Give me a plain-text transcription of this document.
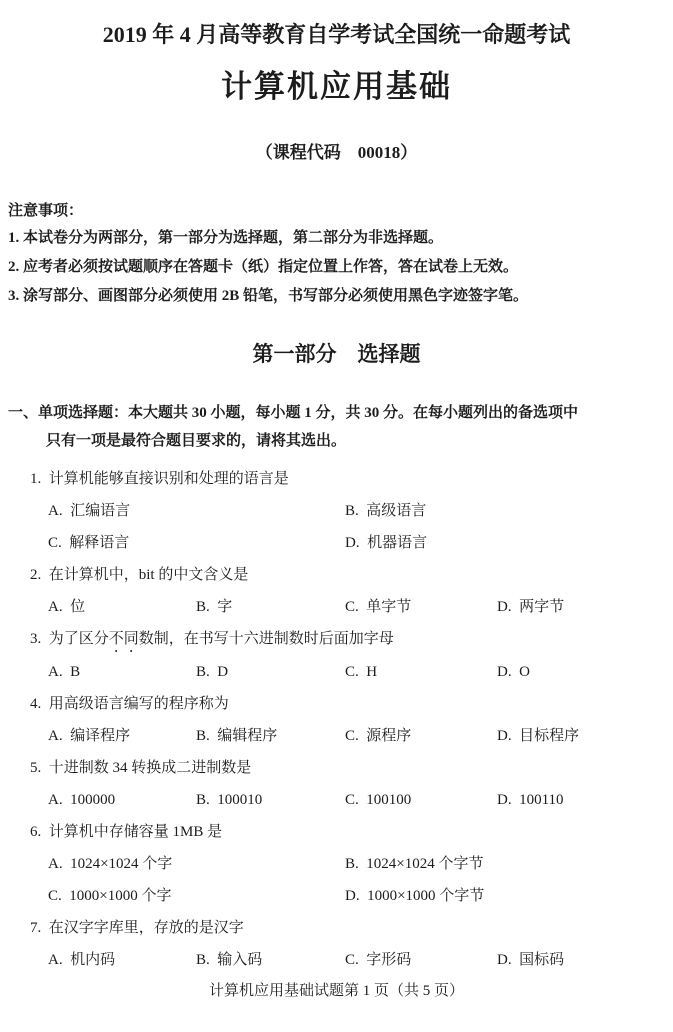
2019 年 4 月高等教育自学考试全国统一命题考试
计算机应用基础
（课程代码　00018）
注意事项：
1. 本试卷分为两部分，第一部分为选择题，第二部分为非选择题。
2. 应考者必须按试题顺序在答题卡（纸）指定位置上作答，答在试卷上无效。
3. 涂写部分、画图部分必须使用 2B 铅笔，书写部分必须使用黑色字迹签字笔。
第一部分　选择题
一、单项选择题：本大题共 30 小题，每小题 1 分，共 30 分。在每小题列出的备选项中
只有一项是最符合题目要求的，请将其选出。
1.  计算机能够直接识别和处理的语言是
A.  汇编语言	B.  高级语言
C.  解释语言	D.  机器语言
2.  在计算机中，bit 的中文含义是
A.  位	B.  字	C.  单字节	D.  两字节
3.  为了区分不同数制，在书写十六进制数时后面加字母
A.  B	B.  D	C.  H	D.  O
4.  用高级语言编写的程序称为
A.  编译程序	B.  编辑程序	C.  源程序	D.  目标程序
5.  十进制数 34 转换成二进制数是
A.  100000	B.  100010	C.  100100	D.  100110
6.  计算机中存储容量 1MB 是
A.  1024×1024 个字	B.  1024×1024 个字节
C.  1000×1000 个字	D.  1000×1000 个字节
7.  在汉字字库里，存放的是汉字
A.  机内码	B.  输入码	C.  字形码	D.  国标码
计算机应用基础试题第 1 页（共 5 页）
